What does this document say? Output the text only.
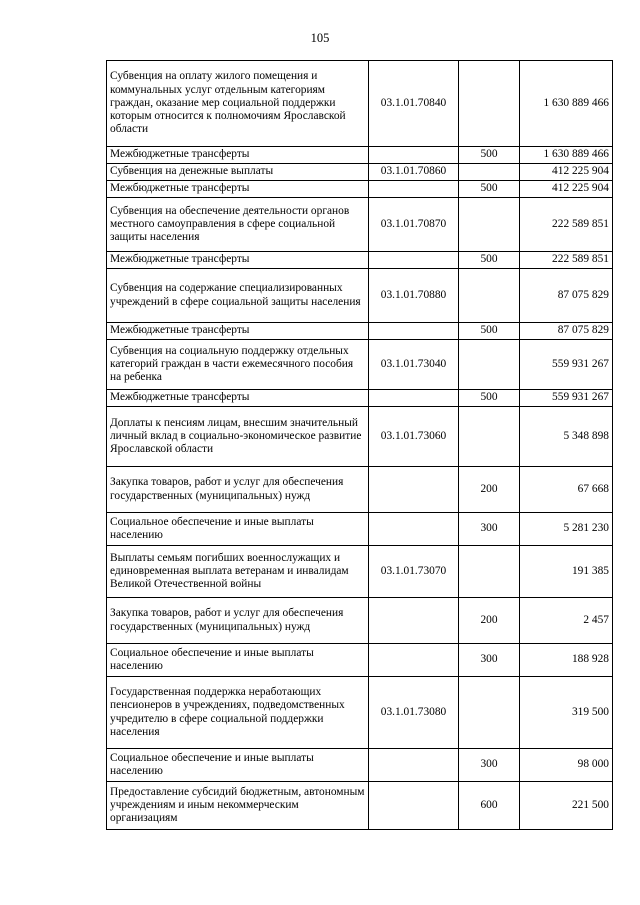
105
Субвенция на оплату жилого помещения и коммунальных услуг отдельным категориям граждан, оказание мер социальной поддержки которым относится к полномочиям Ярославской области	03.1.01.70840		1 630 889 466
Межбюджетные трансферты		500	1 630 889 466
Субвенция на денежные выплаты	03.1.01.70860		412 225 904
Межбюджетные трансферты		500	412 225 904
Субвенция на обеспечение деятельности органов местного самоуправления в сфере социальной защиты населения	03.1.01.70870		222 589 851
Межбюджетные трансферты		500	222 589 851
Субвенция на содержание специализированных учреждений в сфере социальной защиты населения	03.1.01.70880		87 075 829
Межбюджетные трансферты		500	87 075 829
Субвенция на социальную поддержку отдельных категорий граждан в части ежемесячного пособия на ребенка	03.1.01.73040		559 931 267
Межбюджетные трансферты		500	559 931 267
Доплаты к пенсиям лицам, внесшим значительный личный вклад в социально-экономическое развитие Ярославской области	03.1.01.73060		5 348 898
Закупка товаров, работ и услуг для обеспечения государственных (муниципальных) нужд		200	67 668
Социальное обеспечение и иные выплаты населению		300	5 281 230
Выплаты семьям погибших военнослужащих и единовременная выплата ветеранам и инвалидам Великой Отечественной войны	03.1.01.73070		191 385
Закупка товаров, работ и услуг для обеспечения государственных (муниципальных) нужд		200	2 457
Социальное обеспечение и иные выплаты населению		300	188 928
Государственная поддержка неработающих пенсионеров в учреждениях, подведомственных учредителю в сфере социальной поддержки населения	03.1.01.73080		319 500
Социальное обеспечение и иные выплаты населению		300	98 000
Предоставление субсидий бюджетным, автономным учреждениям и иным некоммерческим организациям		600	221 500
